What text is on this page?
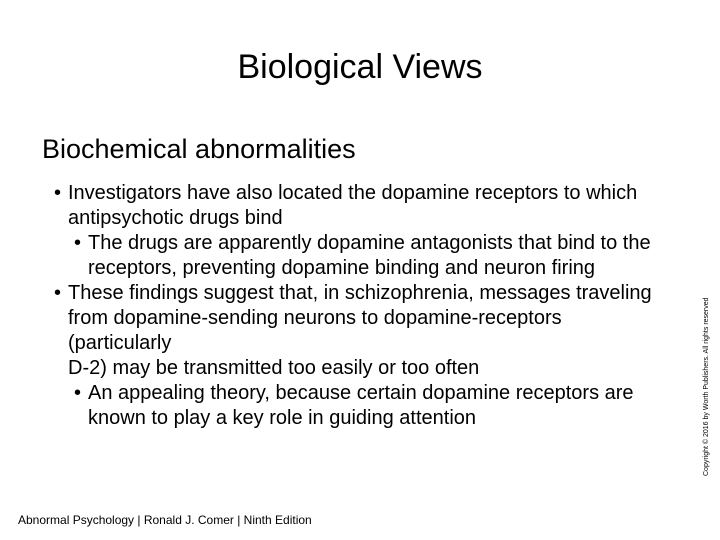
Biological Views
Biochemical abnormalities
• Investigators have also located the dopamine receptors to which antipsychotic drugs bind
• The drugs are apparently dopamine antagonists that bind to the receptors, preventing dopamine binding and neuron firing
• These findings suggest that, in schizophrenia, messages traveling from dopamine-sending neurons to dopamine-receptors (particularly
D-2) may be transmitted too easily or too often
• An appealing theory, because certain dopamine receptors are known to play a key role in guiding attention
Abnormal Psychology | Ronald J. Comer | Ninth Edition
Copyright © 2016 by Worth Publishers. All rights reserved
